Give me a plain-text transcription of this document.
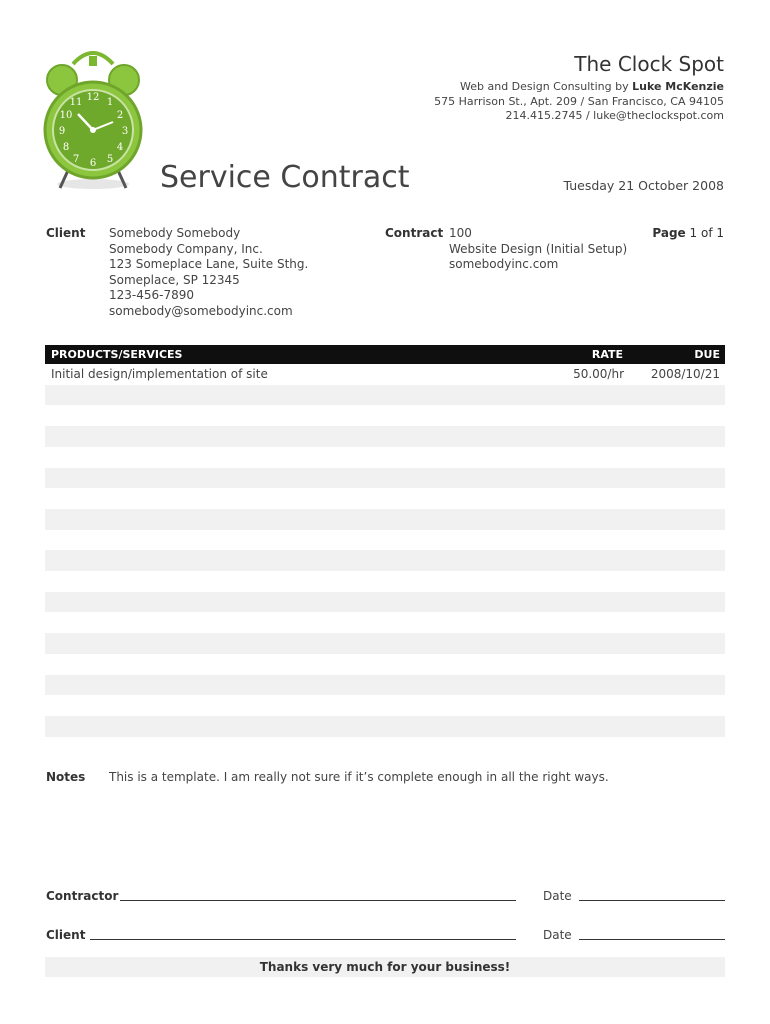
12 1
2
3
4
5
6
7
8
9
10
11
The Clock Spot
Web and Design Consulting by Luke McKenzie
575 Harrison St., Apt. 209 / San Francisco, CA 94105
214.415.2745 / luke@theclockspot.com
Service Contract	Tuesday 21 October 2008
Client Somebody Somebody
Somebody Company, Inc.
123 Someplace Lane, Suite Sthg.
Someplace, SP 12345
123-456-7890
somebody@somebodyinc.com
Contract 100
Website Design (Initial Setup)
somebodyinc.com
Page 1 of 1
PRODUCTS/SERVICES	RATE	DUE
Initial design/implementation of site	50.00/hr 2008/10/21
Notes This is a template. I am really not sure if it’s complete enough in all the right ways.
Contractor	Date
Client	Date
Thanks very much for your business!
